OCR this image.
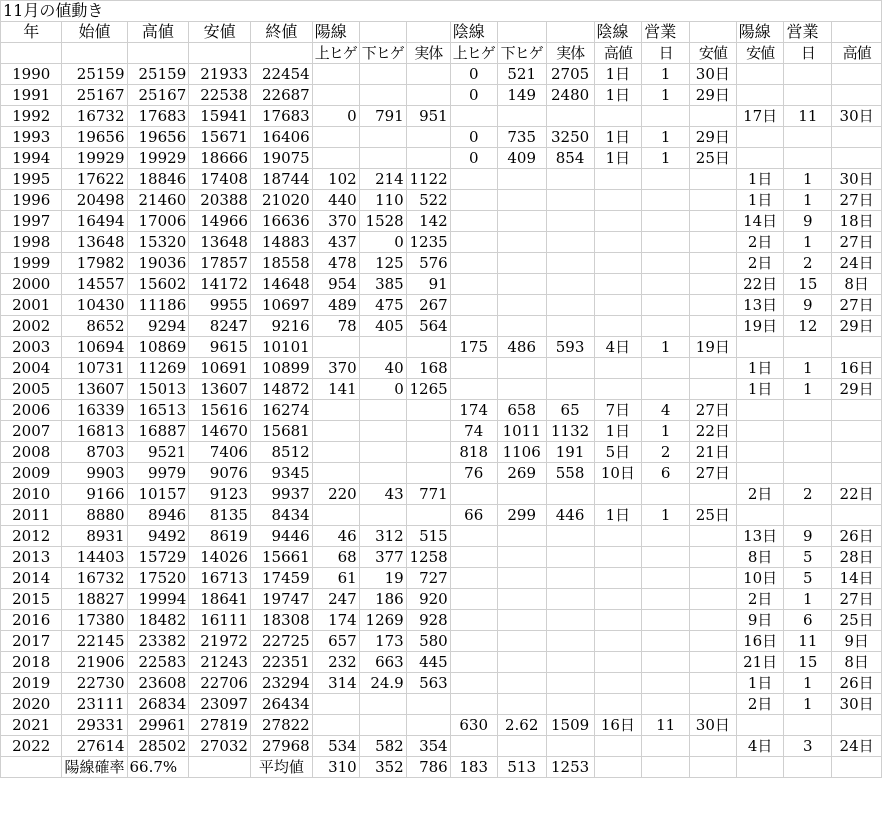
11月の値動き																
年	始値	高値	安値	終値	陽線			陰線			陰線	営業		陽線	営業	
					上ヒゲ	下ヒゲ	実体	上ヒゲ	下ヒゲ	実体	高値	日	安値	安値	日	高値
1990	25159	25159	21933	22454				0	521	2705	1日	1	30日			
1991	25167	25167	22538	22687				0	149	2480	1日	1	29日			
1992	16732	17683	15941	17683	0	791	951							17日	11	30日
1993	19656	19656	15671	16406				0	735	3250	1日	1	29日			
1994	19929	19929	18666	19075				0	409	854	1日	1	25日			
1995	17622	18846	17408	18744	102	214	1122							1日	1	30日
1996	20498	21460	20388	21020	440	110	522							1日	1	27日
1997	16494	17006	14966	16636	370	1528	142							14日	9	18日
1998	13648	15320	13648	14883	437	0	1235							2日	1	27日
1999	17982	19036	17857	18558	478	125	576							2日	2	24日
2000	14557	15602	14172	14648	954	385	91							22日	15	8日
2001	10430	11186	9955	10697	489	475	267							13日	9	27日
2002	8652	9294	8247	9216	78	405	564							19日	12	29日
2003	10694	10869	9615	10101				175	486	593	4日	1	19日			
2004	10731	11269	10691	10899	370	40	168							1日	1	16日
2005	13607	15013	13607	14872	141	0	1265							1日	1	29日
2006	16339	16513	15616	16274				174	658	65	7日	4	27日			
2007	16813	16887	14670	15681				74	1011	1132	1日	1	22日			
2008	8703	9521	7406	8512				818	1106	191	5日	2	21日			
2009	9903	9979	9076	9345				76	269	558	10日	6	27日			
2010	9166	10157	9123	9937	220	43	771							2日	2	22日
2011	8880	8946	8135	8434				66	299	446	1日	1	25日			
2012	8931	9492	8619	9446	46	312	515							13日	9	26日
2013	14403	15729	14026	15661	68	377	1258							8日	5	28日
2014	16732	17520	16713	17459	61	19	727							10日	5	14日
2015	18827	19994	18641	19747	247	186	920							2日	1	27日
2016	17380	18482	16111	18308	174	1269	928							9日	6	25日
2017	22145	23382	21972	22725	657	173	580							16日	11	9日
2018	21906	22583	21243	22351	232	663	445							21日	15	8日
2019	22730	23608	22706	23294	314	24.9	563							1日	1	26日
2020	23111	26834	23097	26434										2日	1	30日
2021	29331	29961	27819	27822				630	2.62	1509	16日	11	30日			
2022	27614	28502	27032	27968	534	582	354							4日	3	24日
	陽線確率	66.7%		平均値	310	352	786	183	513	1253						
